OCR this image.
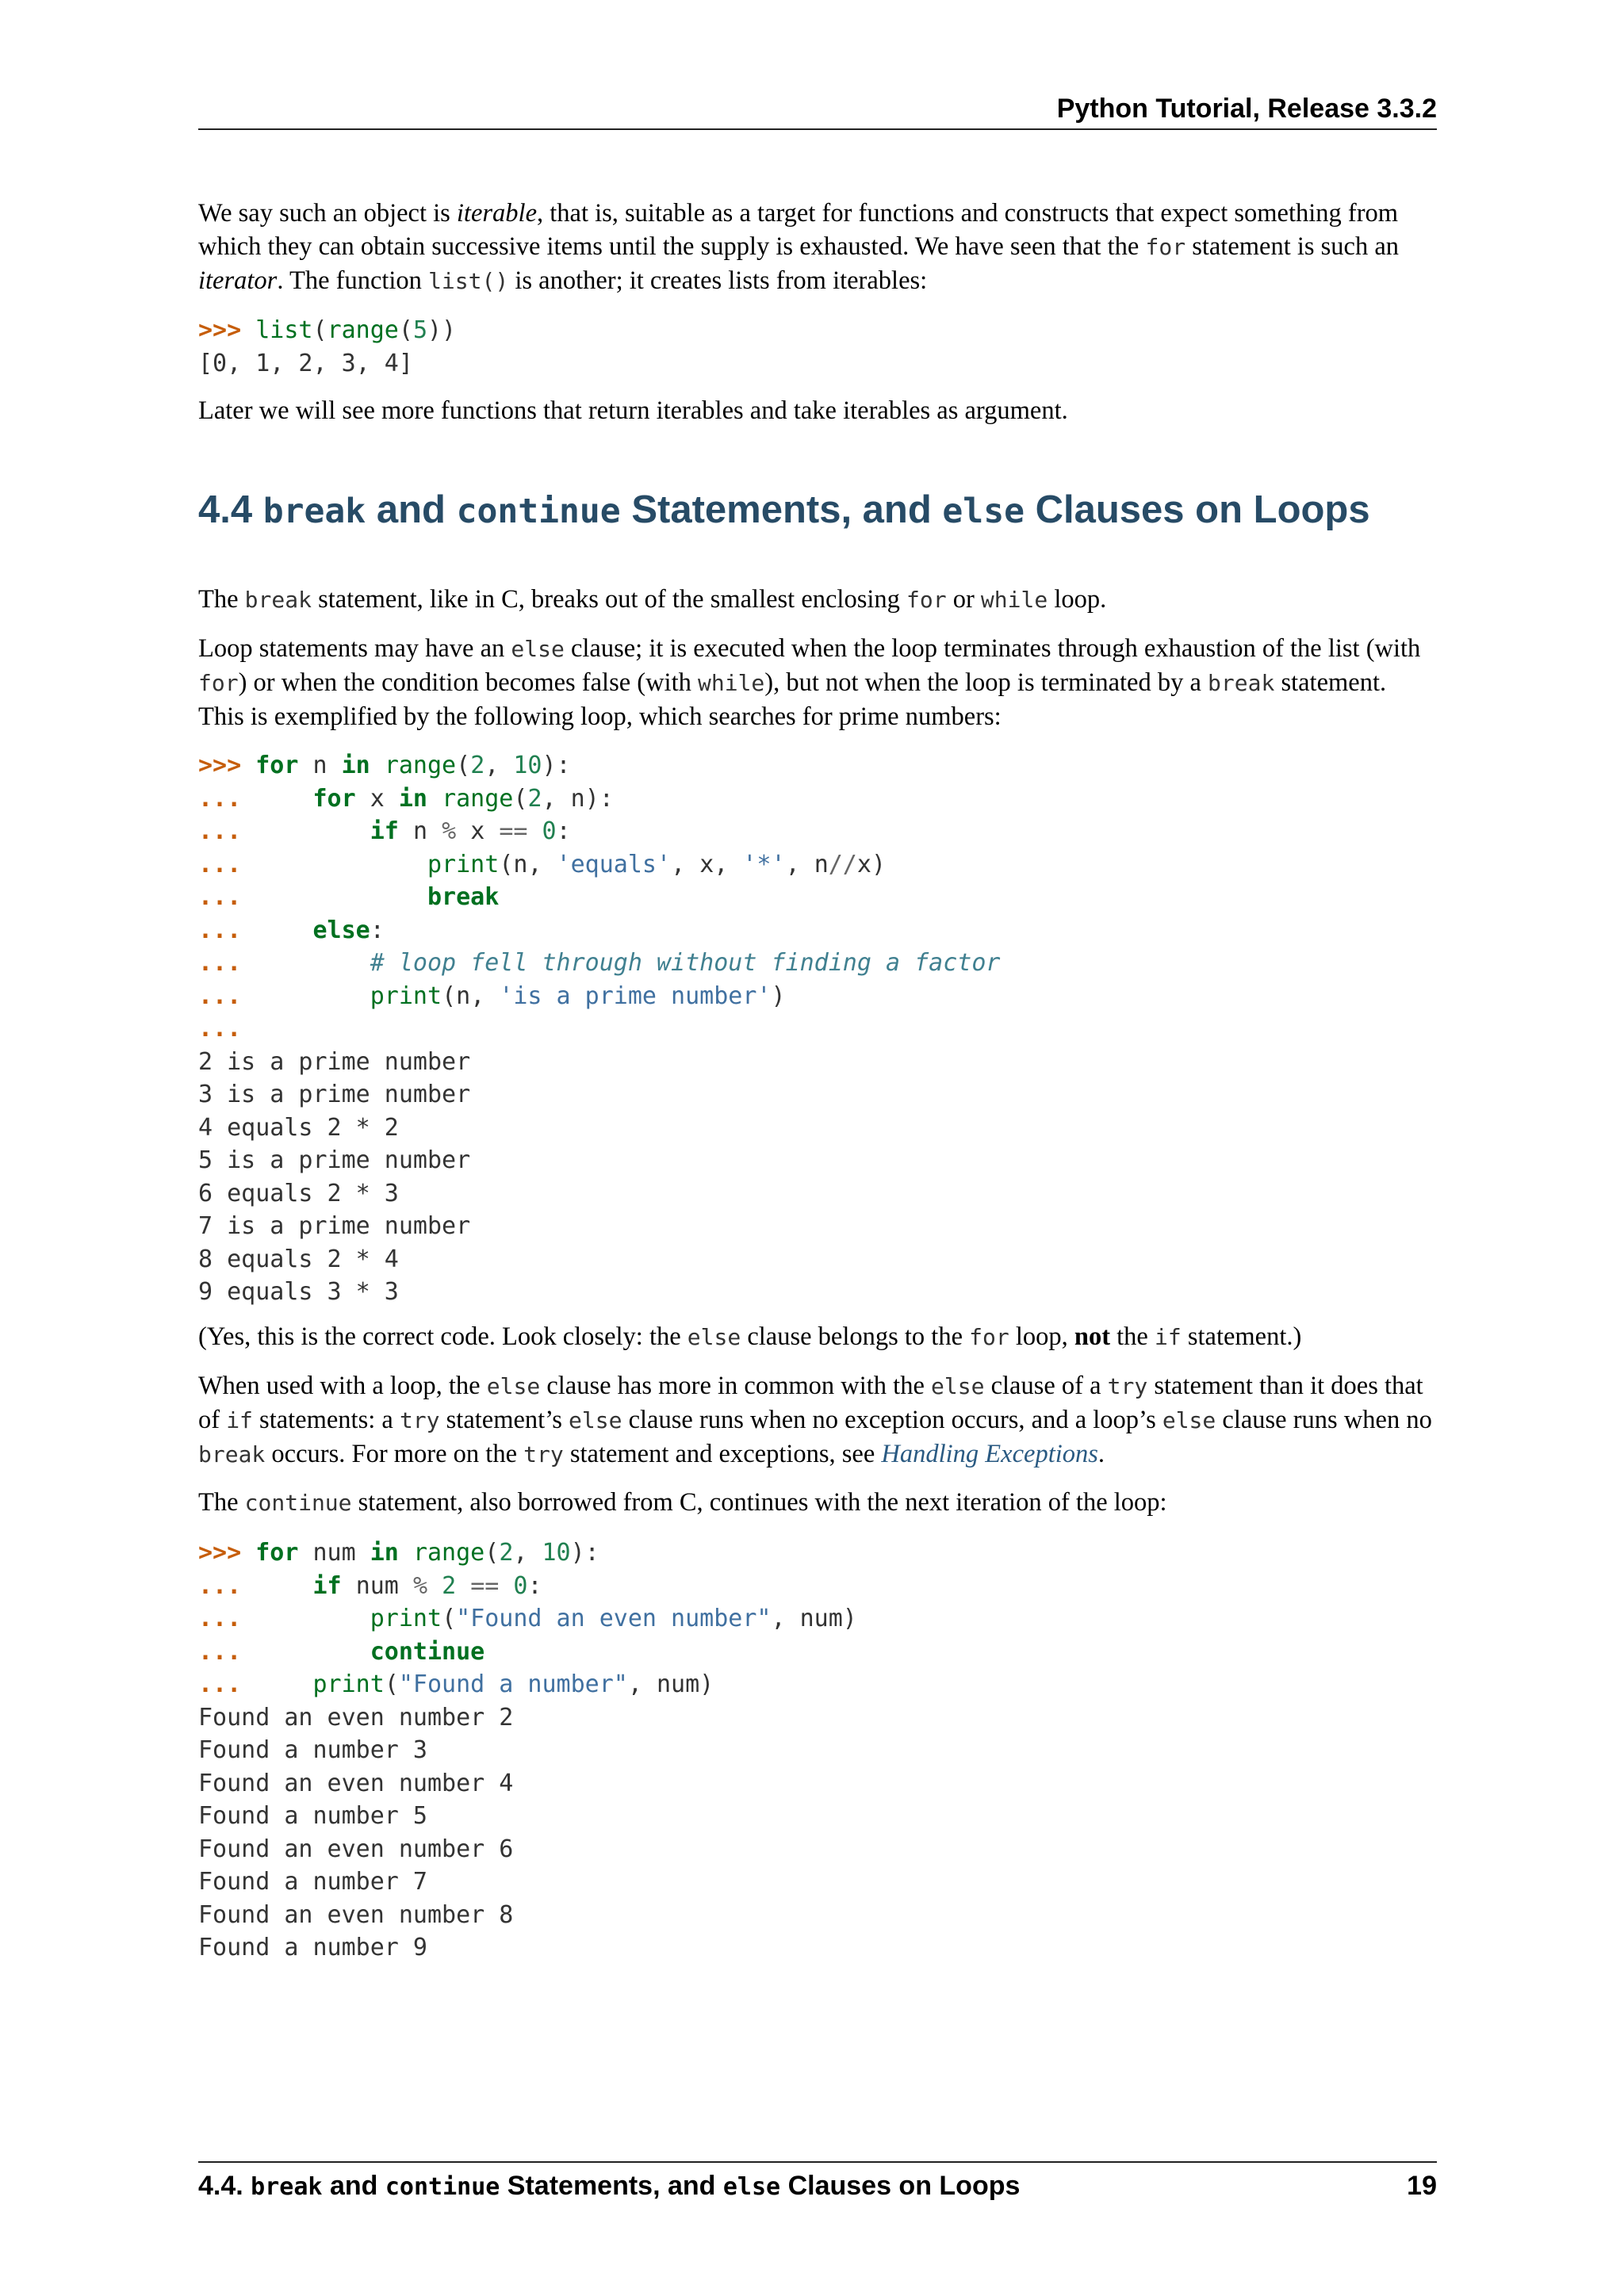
Python Tutorial, Release 3.3.2

We say such an object is iterable, that is, suitable as a target for functions and constructs that expect something from which they can obtain successive items until the supply is exhausted. We have seen that the for statement is such an iterator. The function list() is another; it creates lists from iterables:

>>> list(range(5))
[0, 1, 2, 3, 4]

Later we will see more functions that return iterables and take iterables as argument.

4.4 break and continue Statements, and else Clauses on Loops

The break statement, like in C, breaks out of the smallest enclosing for or while loop.

Loop statements may have an else clause; it is executed when the loop terminates through exhaustion of the list (with for) or when the condition becomes false (with while), but not when the loop is terminated by a break statement. This is exemplified by the following loop, which searches for prime numbers:

>>> for n in range(2, 10):
...	for x in range(2, n):
...	if n % x == 0:
...	print(n, 'equals', x, '*', n//x)
...	break
...	else:
...	# loop fell through without finding a factor
...	print(n, 'is a prime number')
...
2 is a prime number
3 is a prime number
4 equals 2 * 2
5 is a prime number
6 equals 2 * 3
7 is a prime number
8 equals 2 * 4
9 equals 3 * 3

(Yes, this is the correct code. Look closely: the else clause belongs to the for loop, not the if statement.)

When used with a loop, the else clause has more in common with the else clause of a try statement than it does that of if statements: a try statement’s else clause runs when no exception occurs, and a loop’s else clause runs when no break occurs. For more on the try statement and exceptions, see Handling Exceptions.

The continue statement, also borrowed from C, continues with the next iteration of the loop:

>>> for num in range(2, 10):
...	if num % 2 == 0:
...	print("Found an even number", num)
...	continue
...	print("Found a number", num)
Found an even number 2
Found a number 3
Found an even number 4
Found a number 5
Found an even number 6
Found a number 7
Found an even number 8
Found a number 9
4.4. break and continue Statements, and else Clauses on Loops	19
